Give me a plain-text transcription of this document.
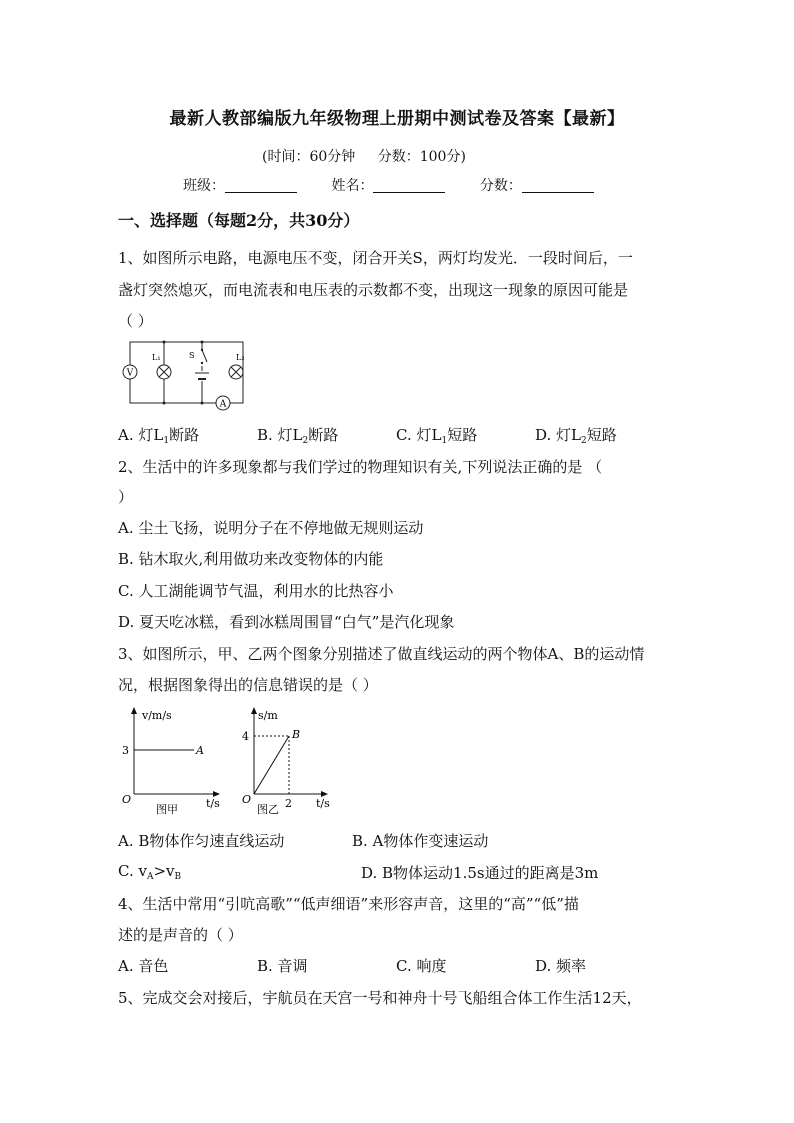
最新人教部编版九年级物理上册期中测试卷及答案【最新】
(时间：60分钟 分数：100分)
班级：	姓名：	分数：
一、选择题（每题2分，共30分）
1、如图所示电路，电源电压不变，闭合开关S，两灯均发光．一段时间后，一
盏灯突然熄灭，而电流表和电压表的示数都不变，出现这一现象的原因可能是
（ ）
V
L₁	S	L₂
A
A. 灯$L_1$断路	B. 灯$L_2$断路	C. 灯$L_1$短路	D. 灯$L_2$短路
2、生活中的许多现象都与我们学过的物理知识有关,下列说法正确的是 （
）
A. 尘土飞扬，说明分子在不停地做无规则运动
B. 钻木取火,利用做功来改变物体的内能
C. 人工湖能调节气温，利用水的比热容小
D. 夏天吃冰糕，看到冰糕周围冒“白气”是汽化现象
3、如图所示，甲、乙两个图象分别描述了做直线运动的两个物体A、B的运动情
况，根据图象得出的信息错误的是（ ）
v/m/s
3	A
O
图甲	t/s
s/m
4	B
O
图乙 2 t/s
A. B物体作匀速直线运动	B. A物体作变速运动
C. $v_A>v_B$	D. B物体运动1.5s通过的距离是3m
4、生活中常用“引吭高歌”“低声细语”来形容声音，这里的“高”“低”描
述的是声音的（ ）
A. 音色	B. 音调	C. 响度	D. 频率
5、完成交会对接后，宇航员在天宫一号和神舟十号飞船组合体工作生活12天，
